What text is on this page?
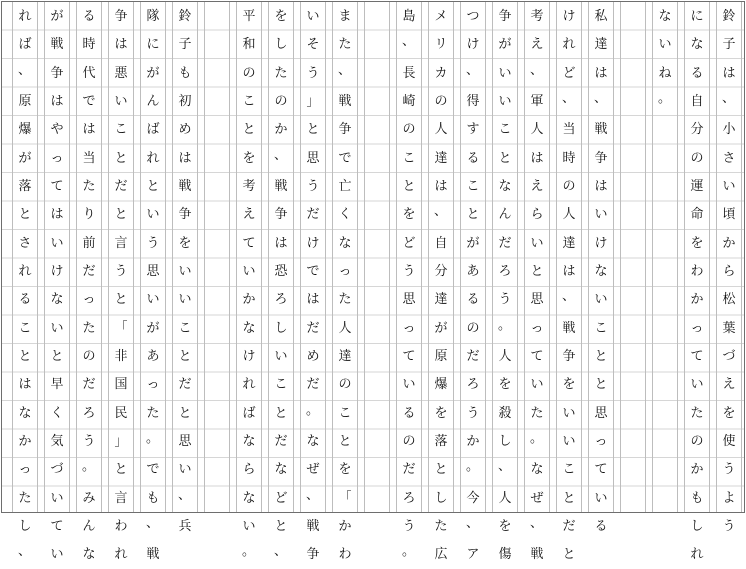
鈴
子
は
、
小
さ
い
頃
か
ら
松
葉
づ
え
を
使
う
よ
う
に
な
る
自
分
の
運
命
を
わ
か
っ
て
い
た
の
か
も
し
れ
な
い
ね
。
私
達
は
、
戦
争
は
い
け
な
い
こ
と
と
思
っ
て
い
る
け
れ
ど
、
当
時
の
人
達
は
、
戦
争
を
い
い
こ
と
だ
と
考
え
、
軍
人
は
え
ら
い
と
思
っ
て
い
た
。
な
ぜ
、
戦
争
が
い
い
こ
と
な
ん
だ
ろ
う
。
人
を
殺
し
、
人
を
傷
つ
け
、
得
す
る
こ
と
が
あ
る
の
だ
ろ
う
か
。
今
、
ア
メ
リ
カ
の
人
達
は
、
自
分
達
が
原
爆
を
落
と
し
た
広
島
、
長
崎
の
こ
と
を
ど
う
思
っ
て
い
る
の
だ
ろ
う
。
ま
た
、
戦
争
で
亡
く
な
っ
た
人
達
の
こ
と
を
「
か
わ
い
そ
う
」
と
思
う
だ
け
で
は
だ
め
だ
。
な
ぜ
、
戦
争
を
し
た
の
か
、
戦
争
は
恐
ろ
し
い
こ
と
だ
な
ど
と
、
平
和
の
こ
と
を
考
え
て
い
か
な
け
れ
ば
な
ら
な
い
。
鈴
子
も
初
め
は
戦
争
を
い
い
こ
と
だ
と
思
い
、
兵
隊
に
が
ん
ば
れ
と
い
う
思
い
が
あ
っ
た
。
で
も
、
戦
争
は
悪
い
こ
と
だ
と
言
う
と
「
非
国
民
」
と
言
わ
れ
る
時
代
で
は
当
た
り
前
だ
っ
た
の
だ
ろ
う
。
み
ん
な
が
戦
争
は
や
っ
て
は
い
け
な
い
と
早
く
気
づ
い
て
い
れ
ば
、
原
爆
が
落
と
さ
れ
る
こ
と
は
な
か
っ
た
し
、
